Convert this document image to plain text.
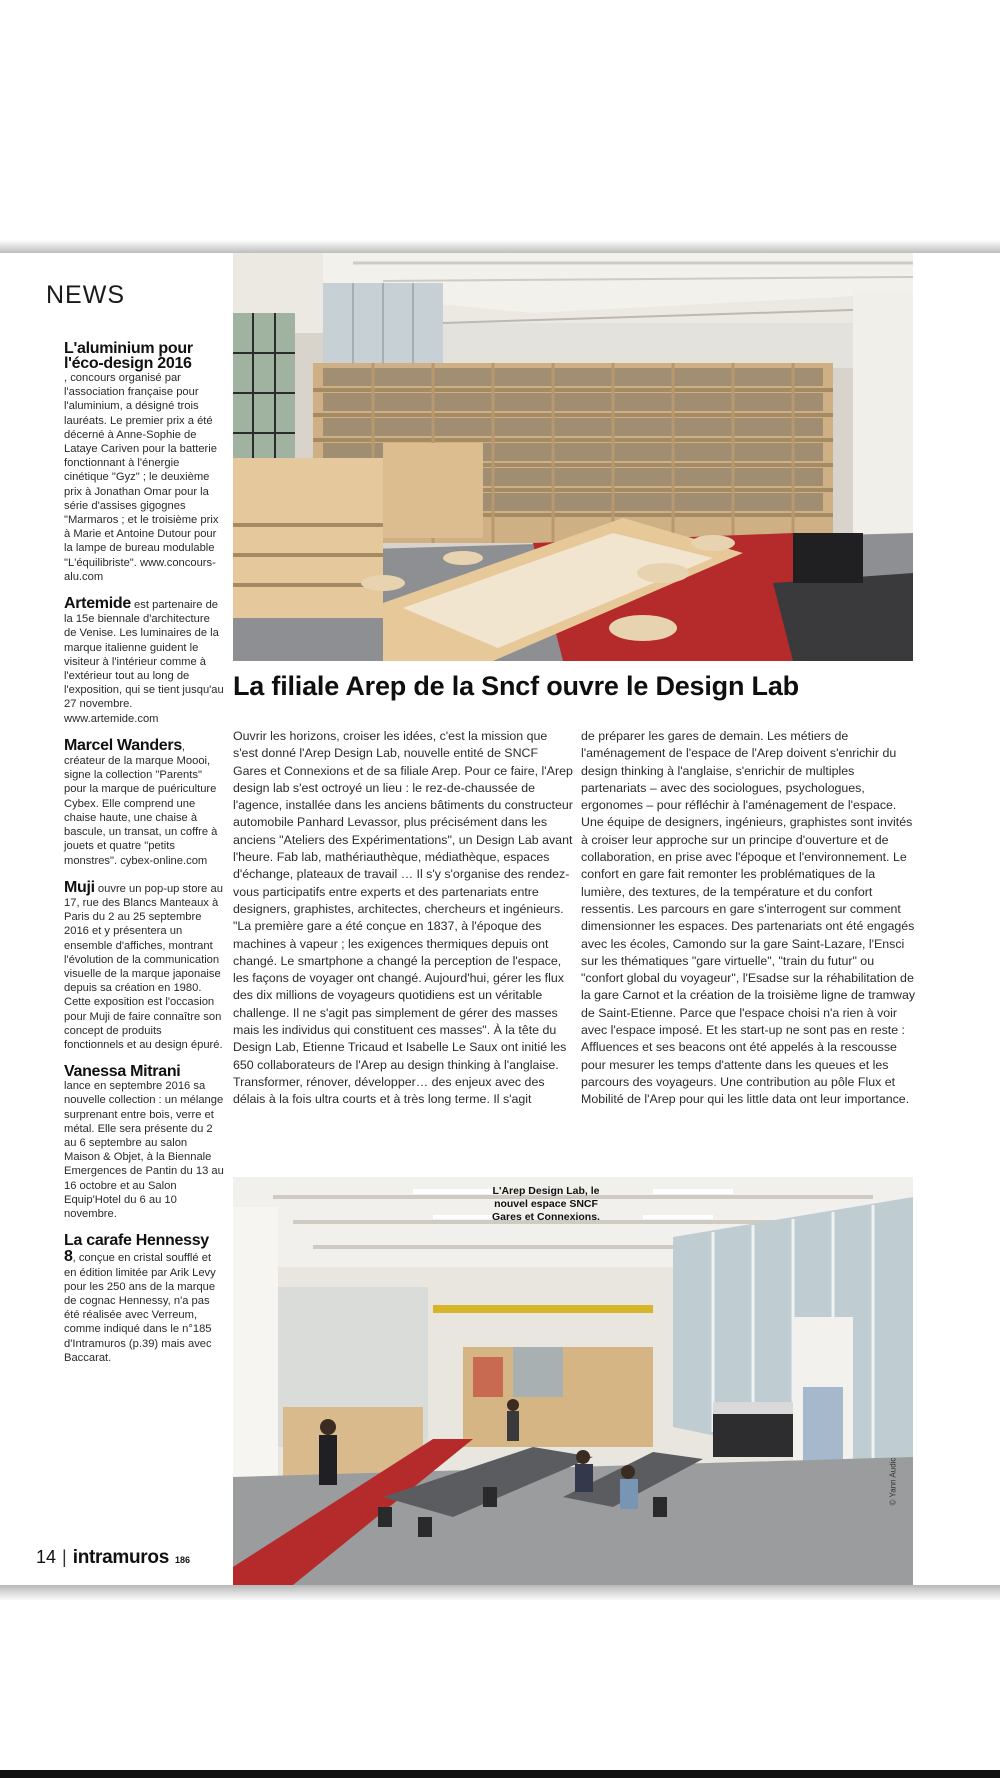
NEWS
L'aluminium pour l'éco-design 2016
, concours organisé par l'association française pour l'aluminium, a désigné trois lauréats. Le premier prix a été décerné à Anne-Sophie de Lataye Cariven pour la batterie fonctionnant à l'énergie cinétique "Gyz" ; le deuxième prix à Jonathan Omar pour la série d'assises gigognes "Marmaros ; et le troisième prix à Marie et Antoine Dutour pour la lampe de bureau modulable "L'équilibriste". www.concours-alu.com
Artemide est partenaire de la 15e biennale d'architecture de Venise. Les luminaires de la marque italienne guident le visiteur à l'intérieur comme à l'extérieur tout au long de l'exposition, qui se tient jusqu'au 27 novembre. www.artemide.com
Marcel Wanders, créateur de la marque Moooi, signe la collection "Parents" pour la marque de puériculture Cybex. Elle comprend une chaise haute, une chaise à bascule, un transat, un coffre à jouets et quatre "petits monstres". cybex-online.com
Muji ouvre un pop-up store au 17, rue des Blancs Manteaux à Paris du 2 au 25 septembre 2016 et y présentera un ensemble d'affiches, montrant l'évolution de la communication visuelle de la marque japonaise depuis sa création en 1980. Cette exposition est l'occasion pour Muji de faire connaître son concept de produits fonctionnels et au design épuré.
Vanessa Mitrani
lance en septembre 2016 sa nouvelle collection : un mélange surprenant entre bois, verre et métal. Elle sera présente du 2 au 6 septembre au salon Maison & Objet, à la Biennale Emergences de Pantin du 13 au 16 octobre et au Salon Equip'Hotel du 6 au 10 novembre.
La carafe Hennessy 8, conçue en cristal soufflé et en édition limitée par Arik Levy pour les 250 ans de la marque de cognac Hennessy, n'a pas été réalisée avec Verreum, comme indiqué dans le n°185 d'Intramuros (p.39) mais avec Baccarat.
La filiale Arep de la Sncf ouvre le Design Lab
Ouvrir les horizons, croiser les idées, c'est la mission que s'est donné l'Arep Design Lab, nouvelle entité de SNCF Gares et Connexions et de sa filiale Arep. Pour ce faire, l'Arep design lab s'est octroyé un lieu : le rez-de-chaussée de l'agence, installée dans les anciens bâtiments du constructeur automobile Panhard Levassor, plus précisément dans les anciens "Ateliers des Expérimentations", un Design Lab avant l'heure. Fab lab, mathériauthèque, médiathèque, espaces d'échange, plateaux de travail … Il s'y s'organise des rendez-vous participatifs entre experts et des partenariats entre designers, graphistes, architectes, chercheurs et ingénieurs. "La première gare a été conçue en 1837, à l'époque des machines à vapeur ; les exigences thermiques depuis ont changé. Le smartphone a changé la perception de l'espace, les façons de voyager ont changé. Aujourd'hui, gérer les flux des dix millions de voyageurs quotidiens est un véritable challenge. Il ne s'agit pas simplement de gérer des masses mais les individus qui constituent ces masses". À la tête du Design Lab, Etienne Tricaud et Isabelle Le Saux ont initié les 650 collaborateurs de l'Arep au design thinking à l'anglaise. Transformer, rénover, développer… des enjeux avec des délais à la fois ultra courts et à très long terme. Il s'agit
de préparer les gares de demain. Les métiers de l'aménagement de l'espace de l'Arep doivent s'enrichir du design thinking à l'anglaise, s'enrichir de multiples partenariats – avec des sociologues, psychologues, ergonomes – pour réfléchir à l'aménagement de l'espace. Une équipe de designers, ingénieurs, graphistes sont invités à croiser leur approche sur un principe d'ouverture et de collaboration, en prise avec l'époque et l'environnement. Le confort en gare fait remonter les problématiques de la lumière, des textures, de la température et du confort ressentis. Les parcours en gare s'interrogent sur comment dimensionner les espaces. Des partenariats ont été engagés avec les écoles, Camondo sur la gare Saint-Lazare, l'Ensci sur les thématiques "gare virtuelle", "train du futur" ou "confort global du voyageur", l'Esadse sur la réhabilitation de la gare Carnot et la création de la troisième ligne de tramway de Saint-Etienne. Parce que l'espace choisi n'a rien à voir avec l'espace imposé. Et les start-up ne sont pas en reste : Affluences et ses beacons ont été appelés à la rescousse pour mesurer les temps d'attente dans les queues et les parcours des voyageurs. Une contribution au pôle Flux et Mobilité de l'Arep pour qui les little data ont leur importance.
L'Arep Design Lab, le nouvel espace SNCF Gares et Connexions.
© Yann Audic
14 | intramuros 186
